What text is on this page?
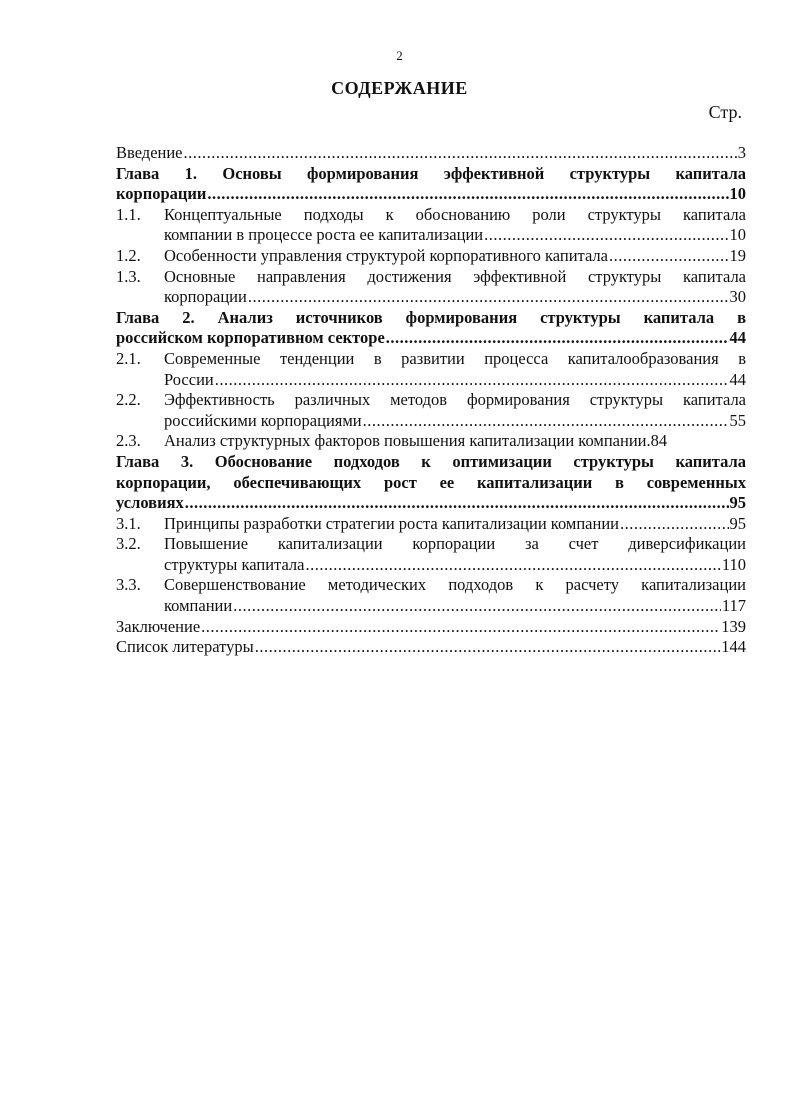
2
СОДЕРЖАНИЕ
Стр.
Введение .....	3
Глава 1. Основы формирования эффективной структуры капитала
корпорации .....	10
1.1.	Концептуальные подходы к обоснованию роли структуры капитала
компании в процессе роста ее капитализации .....	10
1.2.	Особенности управления структурой корпоративного капитала .....	19
1.3.	Основные направления достижения эффективной структуры капитала
корпорации .....	30
Глава 2. Анализ источников формирования структуры капитала в
российском корпоративном секторе .....	44
2.1.	Современные тенденции в развитии процесса капиталообразования в
России .....	44
2.2.	Эффективность различных методов формирования структуры капитала
российскими корпорациями .....	55
2.3.	Анализ структурных факторов повышения капитализации компании. 84
Глава 3. Обоснование подходов к оптимизации структуры капитала
корпорации, обеспечивающих рост ее капитализации в современных
условиях .....	95
3.1.	Принципы разработки стратегии роста капитализации компании .....	95
3.2.	Повышение капитализации корпорации за счет диверсификации
структуры капитала .....	110
3.3.	Совершенствование методических подходов к расчету капитализации
компании .....	117
Заключение .....	139
Список литературы .....	144
